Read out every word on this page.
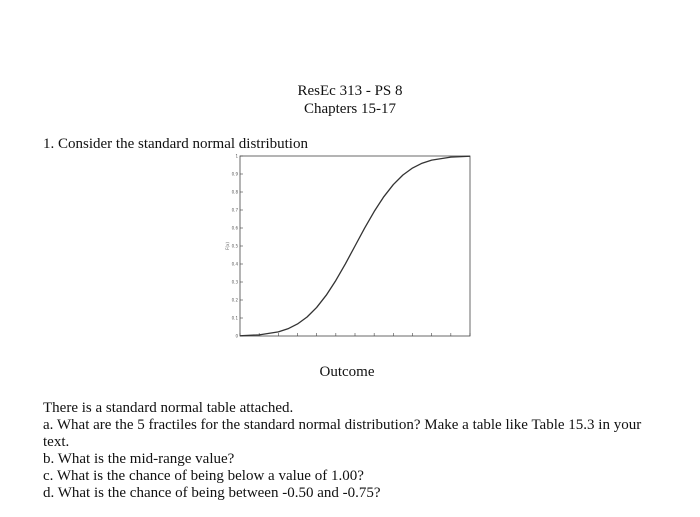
ResEc 313 - PS 8
Chapters 15-17
1. Consider the standard normal distribution
0
0.1
0.2
0.3
0.4
0.5
0.6
0.7
0.8
0.9
1
F(x)
Outcome

There is a standard normal table attached.

a. What are the 5 fractiles for the standard normal distribution? Make a table like Table 15.3 in your text.

b. What is the mid-range value?

c. What is the chance of being below a value of 1.00?

d. What is the chance of being between -0.50 and -0.75?
